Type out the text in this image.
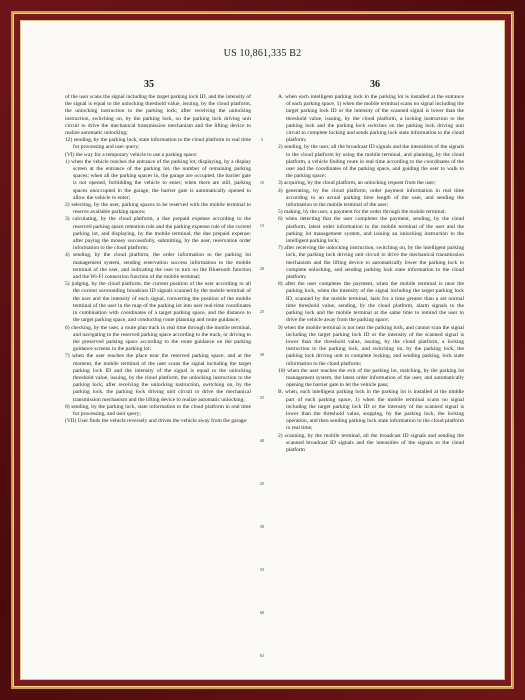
US 10,861,335 B2
35	36

of the user scans the signal including the target parking lock ID, and the intensity of the signal is equal to the unlocking threshold value, issuing, by the cloud platform, the unlocking instruction to the parking lock; after receiving the unlocking instruction, switching on, by the parking lock, on the parking lock driving unit circuit to drive the mechanical transmission mechanism and the lifting device to realize automatic unlocking;

12) sending, by the parking lock, state information to the cloud platform in real time for processing and user query;

(VI) the way for a temporary vehicle to use a parking space:

1) when the vehicle reaches the entrance of the parking lot, displaying, by a display screen at the entrance of the parking lot, the number of remaining parking spaces; when all the parking spaces in, the garage are occupied, the barrier gate is not opened, forbidding the vehicle to enter; when there are still, parking spaces unoccupied in the garage, the barrier gate is automatically opened to allow the vehicle to enter;

2) selecting, by the user, parking spaces to be reserved with the mobile terminal to reserve available parking spaces;

3) calculating, by the cloud platform, a due prepaid expense according to the reserved parking space retention rule and the parking expense rule of the current parking lot, and displaying, by the mobile terminal, the due prepaid expense; after paying the money successfully, submitting, by the user, reservation order information to the cloud platform;

4) sending, by the cloud platform, the order information to the parking lot management system, sending reservation success information to the mobile terminal of the user, and indicating the user to turn on the Bluetooth function and the Wi-Fi connection function of the mobile terminal;

5) judging, by the cloud platform, the current position of the user according to all the current surrounding broadcast ID signals scanned by the mobile terminal of the user and the intensity of each signal, converting the position of the mobile terminal of the user in the map of the parking lot into user real-time coordinates in combination with coordinates of a target parking space, and the distance to the target parking space, and conducting route planning and route guidance;

6) checking, by the user, a route plan track in real time through the mobile terminal, and navigating to the reserved parking space according to the track, or driving to the preserved parking space according to the route guidance on the parking guidance screens in the parking lot;

7) when the user reaches the place near the reserved parking space, and at the moment, the mobile terminal of the user scans the signal including the target parking lock ID and the intensity of the signal is equal to the unlocking threshold value, issuing, by the cloud platform, the unlocking instruction to the parking lock; after receiving the unlocking instruction, switching on, by the parking lock, the parking lock driving unit circuit to drive the mechanical transmission mechanism and the lifting device to realize automatic unlocking;

8) sending, by the parking lock, state information to the cloud platform in real time for processing, and user query;

(VII) User finds the vehicle reversely and drives the vehicle away from the garage:

5
10
15
20
25
30
35
40
45
50
55
60
65

A. when each intelligent parking lock in the parking lot is installed at the entrance of each parking space, 1) when the mobile terminal scans no signal including the target parking lock ID or the intensity of the scanned signal is lower than the threshold value, issuing, by the cloud platform, a locking instruction to the parking lock and the parking lock switches on the parking lock driving unit circuit to complete locking and sends parking lock state information to the cloud platform;

2) sending, by the user, all the broadcast ID signals and the intensities of the signals to the cloud platform by using the mobile terminal, and planning, by the cloud platform, a vehicle finding route in real time according to the coordinates of the user and the coordinates of the parking space, and guiding the user to walk to the parking space;

3) acquiring, by the cloud platform, an unlocking request from the user;

4) generating, by the cloud platform, order payment information in real time according to an actual parking time length of the user, and sending the information to the mobile terminal of the user;

5) making, by the user, a payment for the order through the mobile terminal;

6) when detecting that the user completes the payment, sending, by the cloud platform, latest order information to the mobile terminal of the user and the parking lot management system, and issuing an unlocking instruction to the intelligent parking lock;

7) after receiving the unlocking instruction, switching on, by the intelligent parking lock, the parking lock driving unit circuit to drive the mechanical transmission mechanism and the lifting device to automatically lower the parking lock to complete unlocking, and sending parking lock state information to the cloud platform;

8) after the user completes the payment, when the mobile terminal is near the parking lock, when the intensity of the signal including the target parking lock ID, scanned by the mobile terminal, lasts for a time greater than a set normal time threshold value, sending, by the cloud platform, alarm signals to the parking lock and the mobile terminal at the same time to remind the user to drive the vehicle away from the parking space;

9) when the mobile terminal is not near the parking lock, and cannot scan the signal including the target parking lock ID or the intensity of the scanned signal is lower than the threshold value, issuing, by the cloud platform, a locking instruction to the parking lock, and switching on, by the parking lock, the parking lock driving unit to complete locking, and sending parking, lock state information to the cloud platform;

10) when the user reaches the exit of the parking lot, matching, by the parking lot management system, the latest order information of the user, and automatically opening the barrier gate to let the vehicle pass;

B. when, each intelligent parking lock in the parking lot is installed at the middle part of each parking space, 1) when the mobile terminal scans no signal including the target parking lock ID or the intensity of the scanned signal is lower than the threshold value, stopping, by the parking lock, the locking operation, and then sending parking lock state information to the cloud platform in real time;

2) scanning, by the mobile terminal, all the broadcast ID signals and sending the scanned broadcast ID signals and the intensities of the signals to the cloud platform
